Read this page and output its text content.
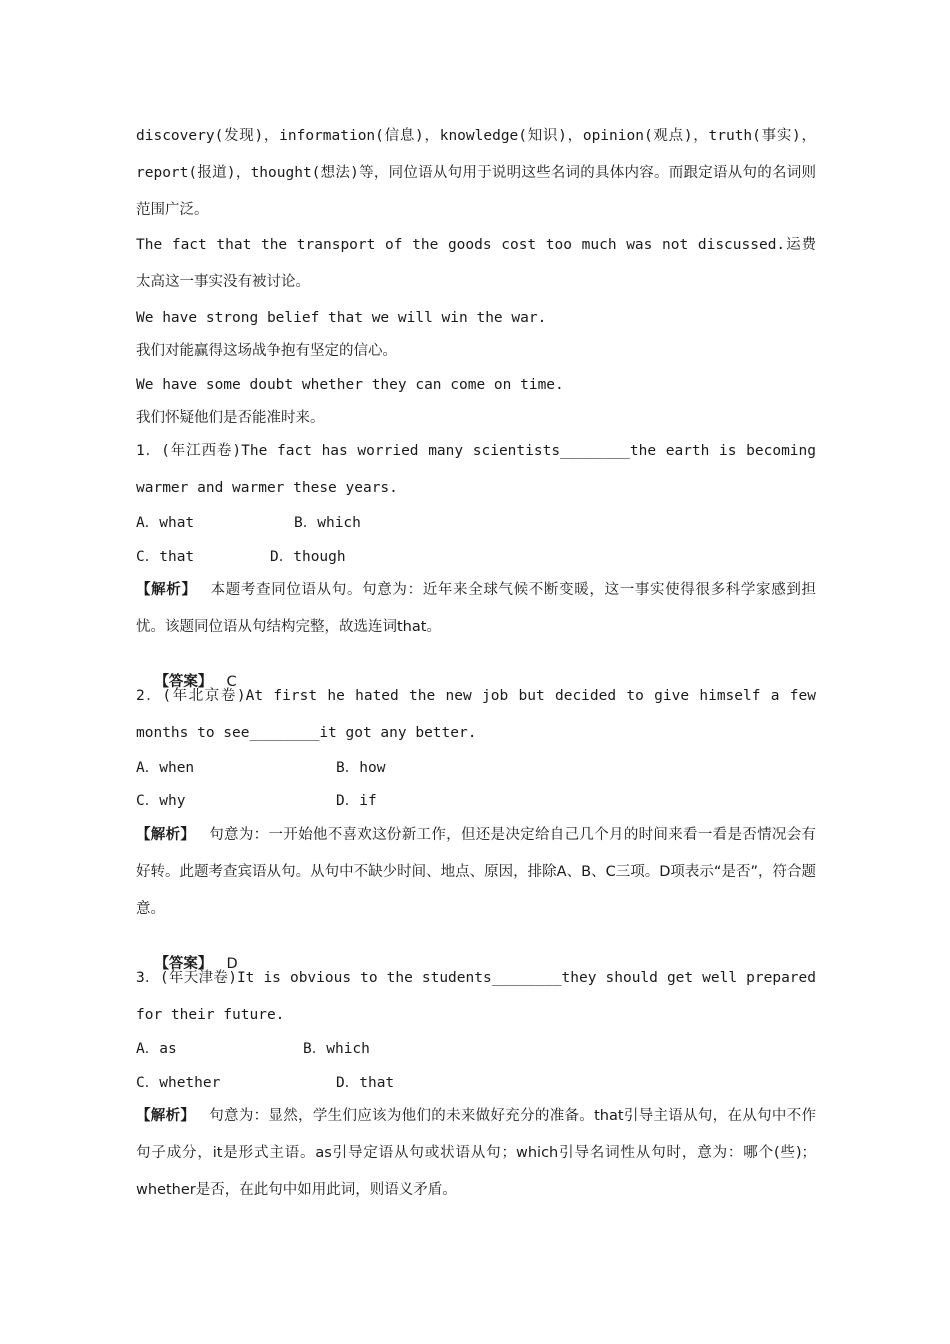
discovery(发现)，information(信息)，knowledge(知识)，opinion(观点)，truth(事实)，report(报道)，thought(想法)等，同位语从句用于说明这些名词的具体内容。而跟定语从句的名词则范围广泛。
The fact that the transport of the goods cost too much was not discussed.运费太高这一事实没有被讨论。
We have strong belief that we will win the war.
我们对能赢得这场战争抱有坚定的信心。
We have some doubt whether they can come on time.
我们怀疑他们是否能准时来。
1．(年江西卷)The fact has worried many scientists________the earth is becoming warmer and warmer these years.
A．what	B．which
C．that	D．though
【解析】 本题考查同位语从句。句意为：近年来全球气候不断变暖，这一事实使得很多科学家感到担忧。该题同位语从句结构完整，故选连词that。

【答案】 C

2．(年北京卷)At first he hated the new job but decided to give himself a few months to see________it got any better.
A．when	B．how
C．why	D．if
【解析】 句意为：一开始他不喜欢这份新工作，但还是决定给自己几个月的时间来看一看是否情况会有好转。此题考查宾语从句。从句中不缺少时间、地点、原因，排除A、B、C三项。D项表示“是否”，符合题意。

【答案】 D

3．(年天津卷)It is obvious to the students________they should get well prepared for their future.
A．as	B．which
C．whether	D．that
【解析】 句意为：显然，学生们应该为他们的未来做好充分的准备。that引导主语从句，在从句中不作句子成分，it是形式主语。as引导定语从句或状语从句；which引导名词性从句时，意为：哪个(些)；whether是否，在此句中如用此词，则语义矛盾。
